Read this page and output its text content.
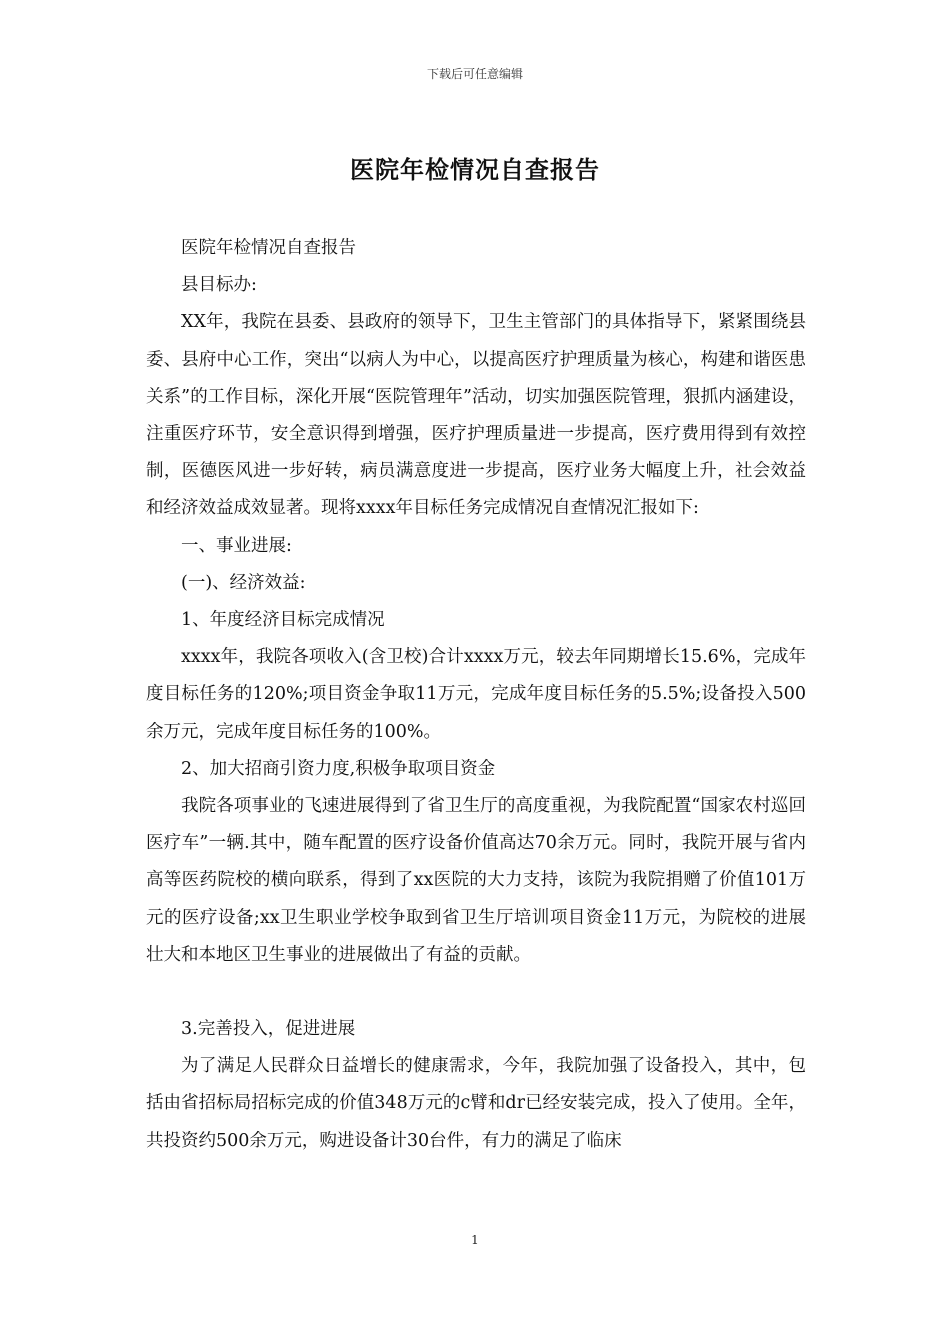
下载后可任意编辑
医院年检情况自查报告

医院年检情况自查报告

县目标办:

XX年，我院在县委、县政府的领导下，卫生主管部门的具体指导下，紧紧围绕县委、县府中心工作，突出“以病人为中心，以提高医疗护理质量为核心，构建和谐医患关系”的工作目标，深化开展“医院管理年”活动，切实加强医院管理，狠抓内涵建设，注重医疗环节，安全意识得到增强，医疗护理质量进一步提高，医疗费用得到有效控制，医德医风进一步好转，病员满意度进一步提高，医疗业务大幅度上升，社会效益和经济效益成效显著。现将xxxx年目标任务完成情况自查情况汇报如下:

一、事业进展:

(一)、经济效益:

1、年度经济目标完成情况

xxxx年，我院各项收入(含卫校)合计xxxx万元，较去年同期增长15.6%，完成年度目标任务的120%;项目资金争取11万元，完成年度目标任务的5.5%;设备投入500余万元，完成年度目标任务的100%。

2、加大招商引资力度,积极争取项目资金

我院各项事业的飞速进展得到了省卫生厅的高度重视，为我院配置“国家农村巡回医疗车”一辆.其中，随车配置的医疗设备价值高达70余万元。同时，我院开展与省内高等医药院校的横向联系，得到了xx医院的大力支持，该院为我院捐赠了价值101万元的医疗设备;xx卫生职业学校争取到省卫生厅培训项目资金11万元，为院校的进展壮大和本地区卫生事业的进展做出了有益的贡献。

3.完善投入，促进进展

为了满足人民群众日益增长的健康需求，今年，我院加强了设备投入，其中，包括由省招标局招标完成的价值348万元的c臂和dr已经安装完成，投入了使用。全年，共投资约500余万元，购进设备计30台件，有力的满足了临床

1
